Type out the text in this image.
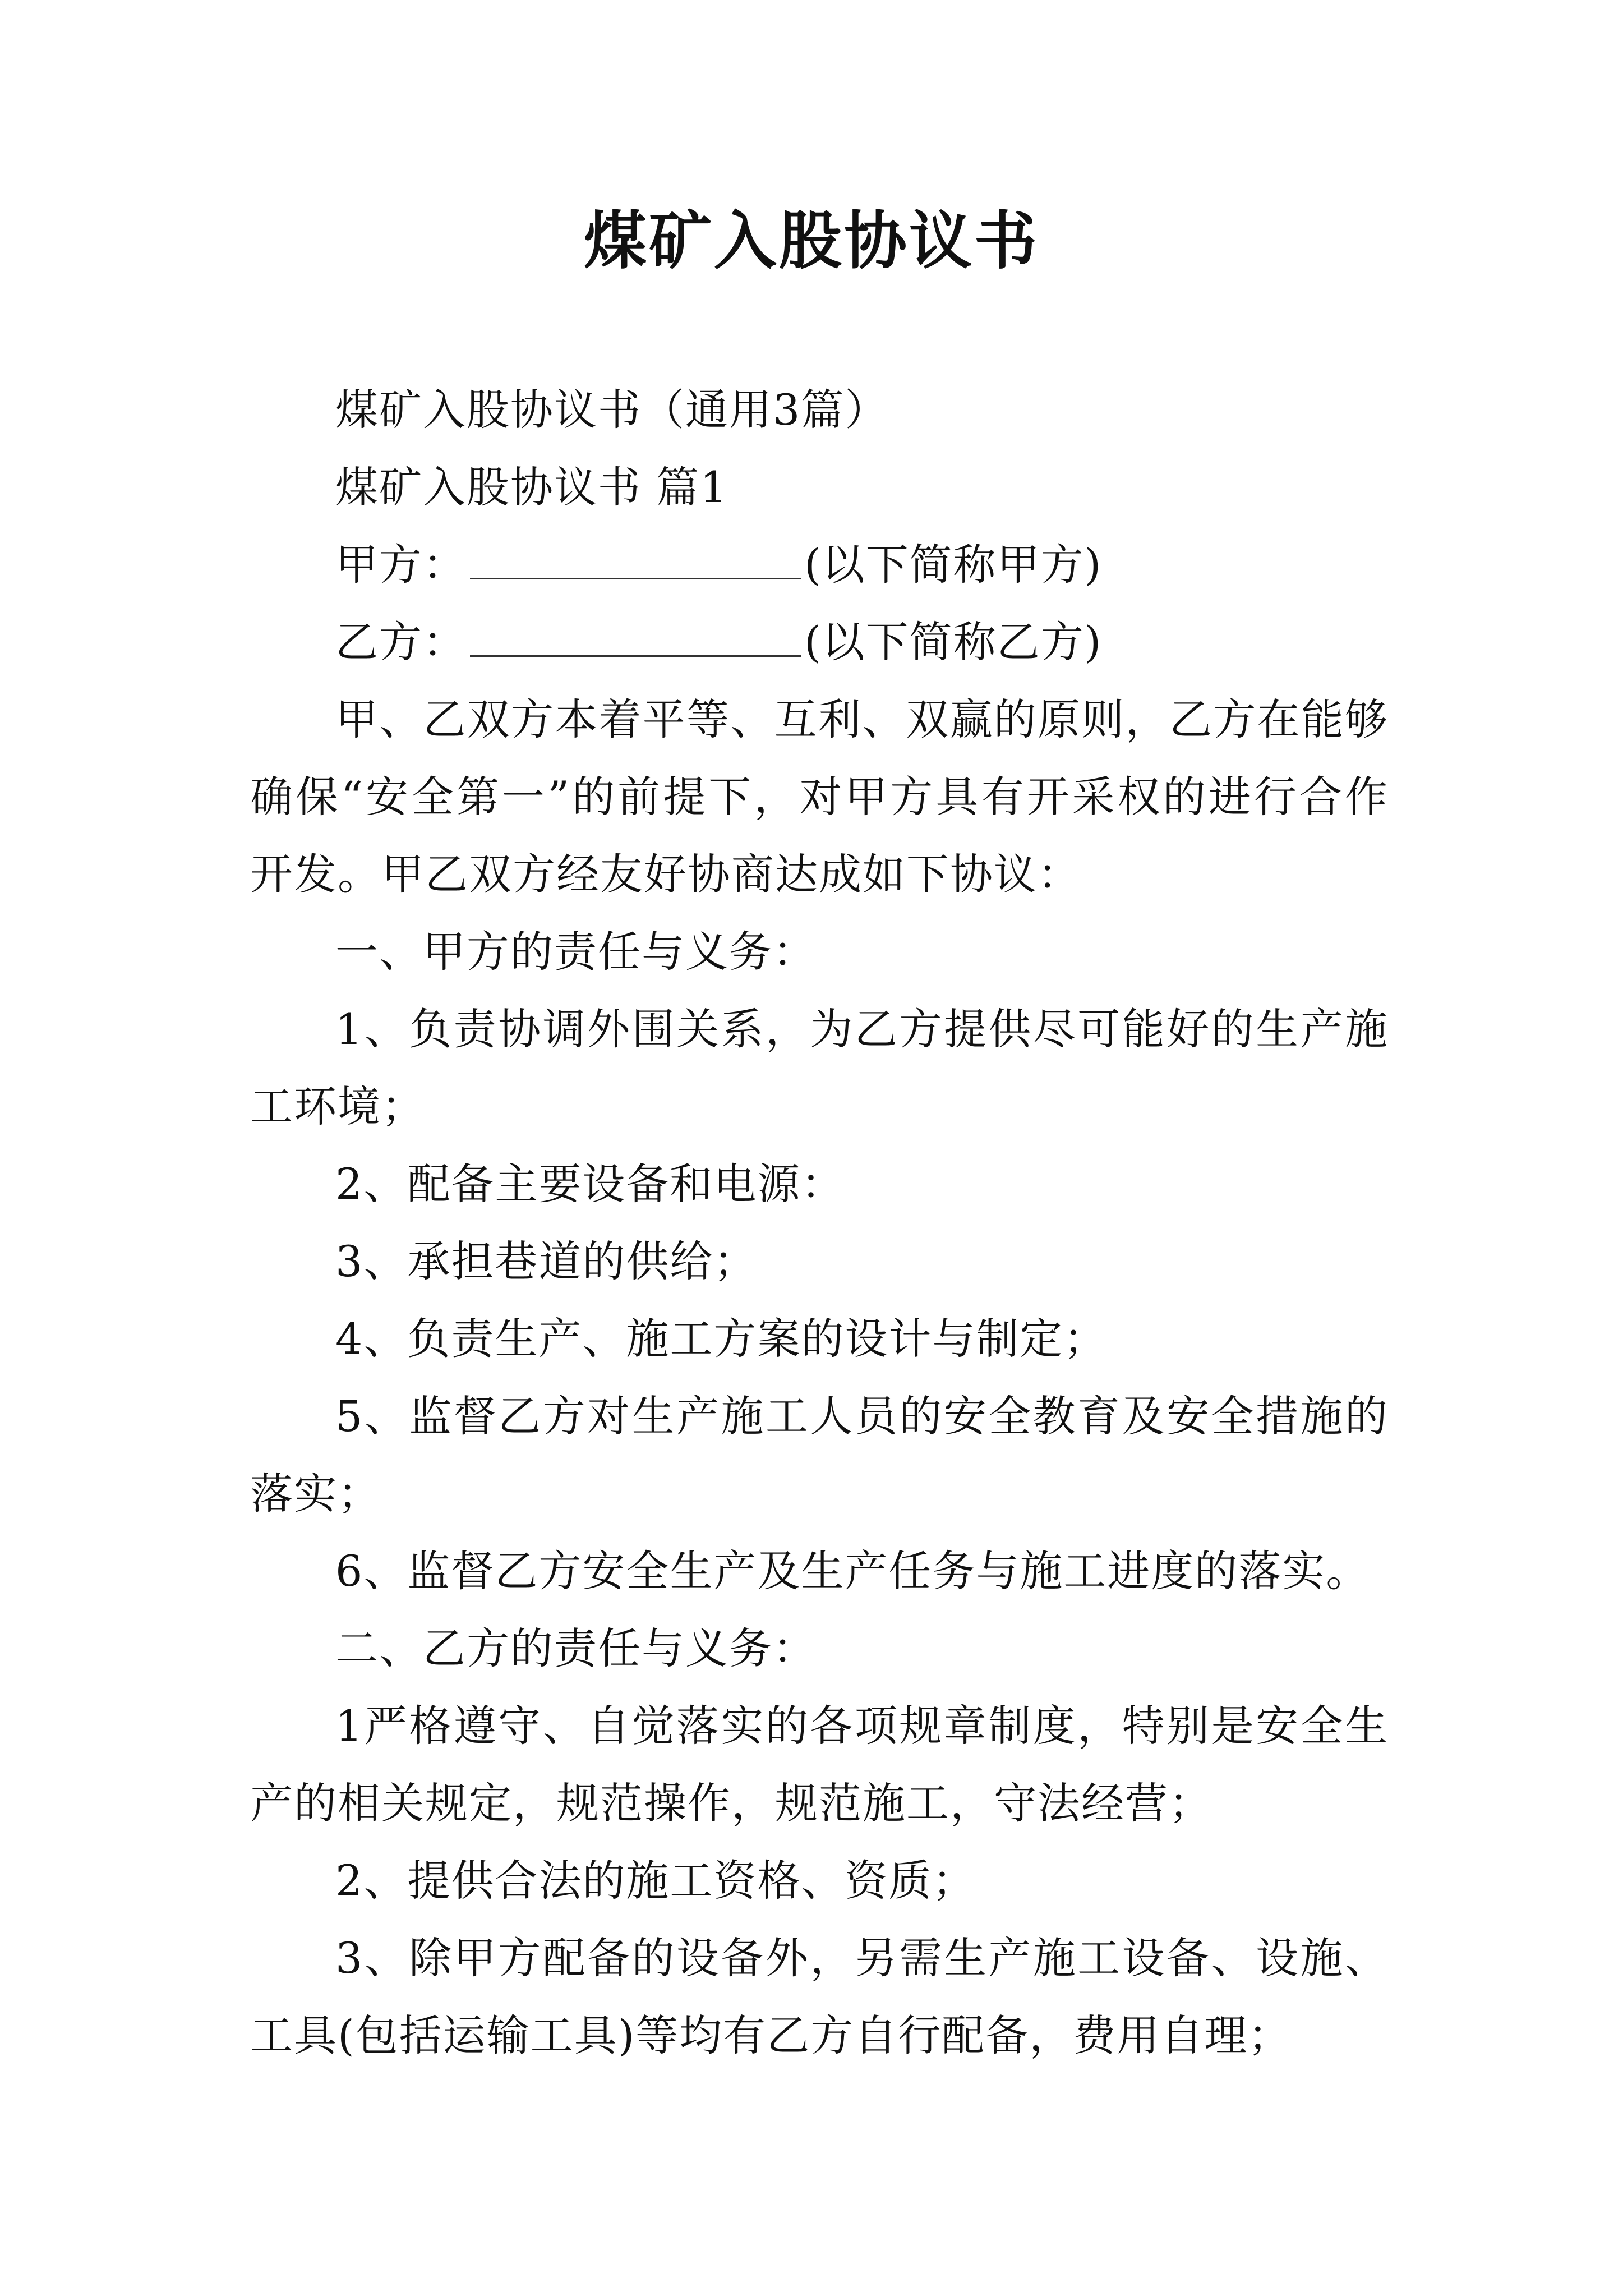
煤矿入股协议书

煤矿入股协议书（通用3篇）

煤矿入股协议书 篇1

甲方：	(以下简称甲方)

乙方：	(以下简称乙方)

甲、乙双方本着平等、互利、双赢的原则，乙方在能够确保“安全第一”的前提下，对甲方具有开采权的进行合作开发。甲乙双方经友好协商达成如下协议：

一、甲方的责任与义务：

1、负责协调外围关系，为乙方提供尽可能好的生产施工环境；

2、配备主要设备和电源：

3、承担巷道的供给；

4、负责生产、施工方案的设计与制定；

5、监督乙方对生产施工人员的安全教育及安全措施的落实；

6、监督乙方安全生产及生产任务与施工进度的落实。

二、乙方的责任与义务：

1严格遵守、自觉落实的各项规章制度，特别是安全生产的相关规定，规范操作，规范施工，守法经营；

2、提供合法的施工资格、资质；

3、除甲方配备的设备外，另需生产施工设备、设施、工具(包括运输工具)等均有乙方自行配备，费用自理；
